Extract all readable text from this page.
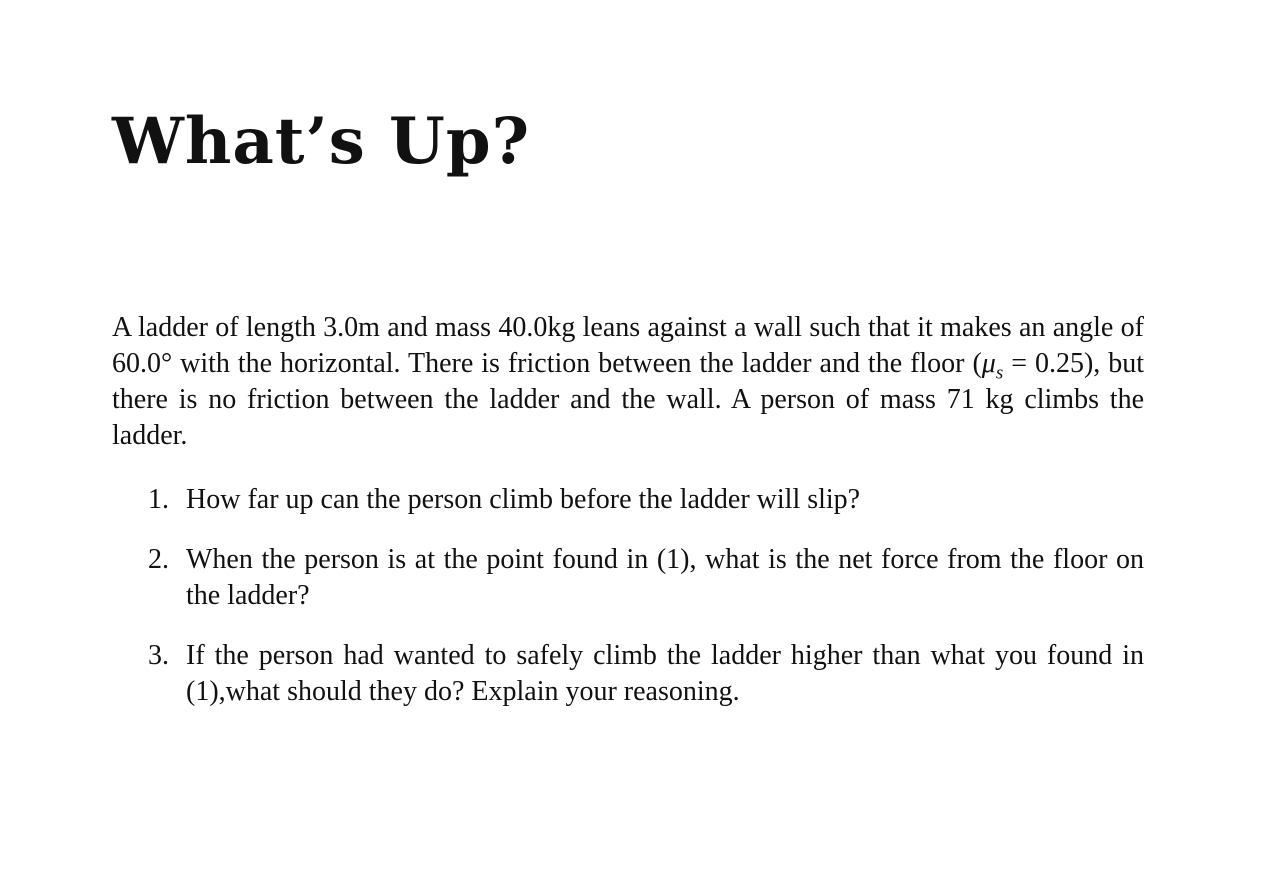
What’s Up?

A ladder of length 3.0m and mass 40.0kg leans against a wall such that it makes an angle of 60.0° with the horizontal. There is friction between the ladder and the floor $(\mu_s = 0.25)$, but there is no friction between the ladder and the wall. A person of mass 71 kg climbs the ladder.

1. How far up can the person climb before the ladder will slip?
2. When the person is at the point found in (1), what is the net force from the floor on the ladder?
3. If the person had wanted to safely climb the ladder higher than what you found in (1),what should they do? Explain your reasoning.
